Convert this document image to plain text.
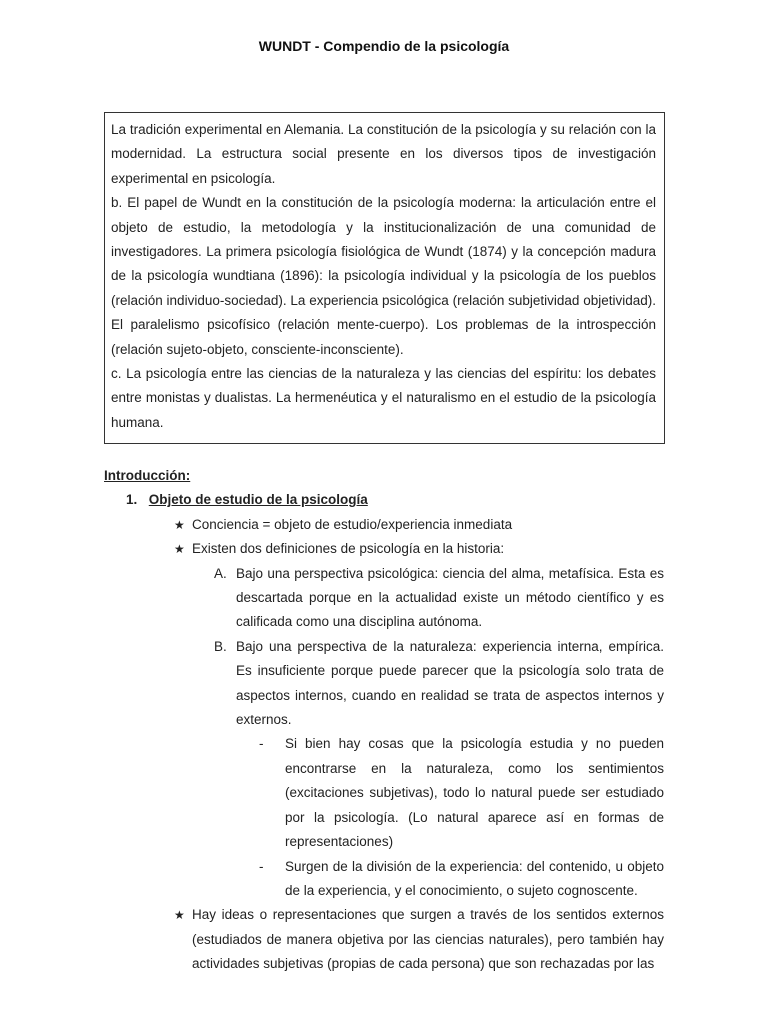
WUNDT - Compendio de la psicología

La tradición experimental en Alemania. La constitución de la psicología y su relación con la modernidad. La estructura social presente en los diversos tipos de investigación experimental en psicología.

b. El papel de Wundt en la constitución de la psicología moderna: la articulación entre el objeto de estudio, la metodología y la institucionalización de una comunidad de investigadores. La primera psicología fisiológica de Wundt (1874) y la concepción madura de la psicología wundtiana (1896): la psicología individual y la psicología de los pueblos (relación individuo-sociedad). La experiencia psicológica (relación subjetividad objetividad). El paralelismo psicofísico (relación mente-cuerpo). Los problemas de la introspección (relación sujeto-objeto, consciente-inconsciente).

c. La psicología entre las ciencias de la naturaleza y las ciencias del espíritu: los debates entre monistas y dualistas. La hermenéutica y el naturalismo en el estudio de la psicología humana.

Introducción:

1. Objeto de estudio de la psicología

★ Conciencia = objeto de estudio/experiencia inmediata
★ Existen dos definiciones de psicología en la historia:
A. Bajo una perspectiva psicológica: ciencia del alma, metafísica. Esta es descartada porque en la actualidad existe un método científico y es calificada como una disciplina autónoma.
B. Bajo una perspectiva de la naturaleza: experiencia interna, empírica. Es insuficiente porque puede parecer que la psicología solo trata de aspectos internos, cuando en realidad se trata de aspectos internos y externos.
- Si bien hay cosas que la psicología estudia y no pueden encontrarse en la naturaleza, como los sentimientos (excitaciones subjetivas), todo lo natural puede ser estudiado por la psicología. (Lo natural aparece así en formas de representaciones)
- Surgen de la división de la experiencia: del contenido, u objeto de la experiencia, y el conocimiento, o sujeto cognoscente.
★ Hay ideas o representaciones que surgen a través de los sentidos externos (estudiados de manera objetiva por las ciencias naturales), pero también hay actividades subjetivas (propias de cada persona) que son rechazadas por las
